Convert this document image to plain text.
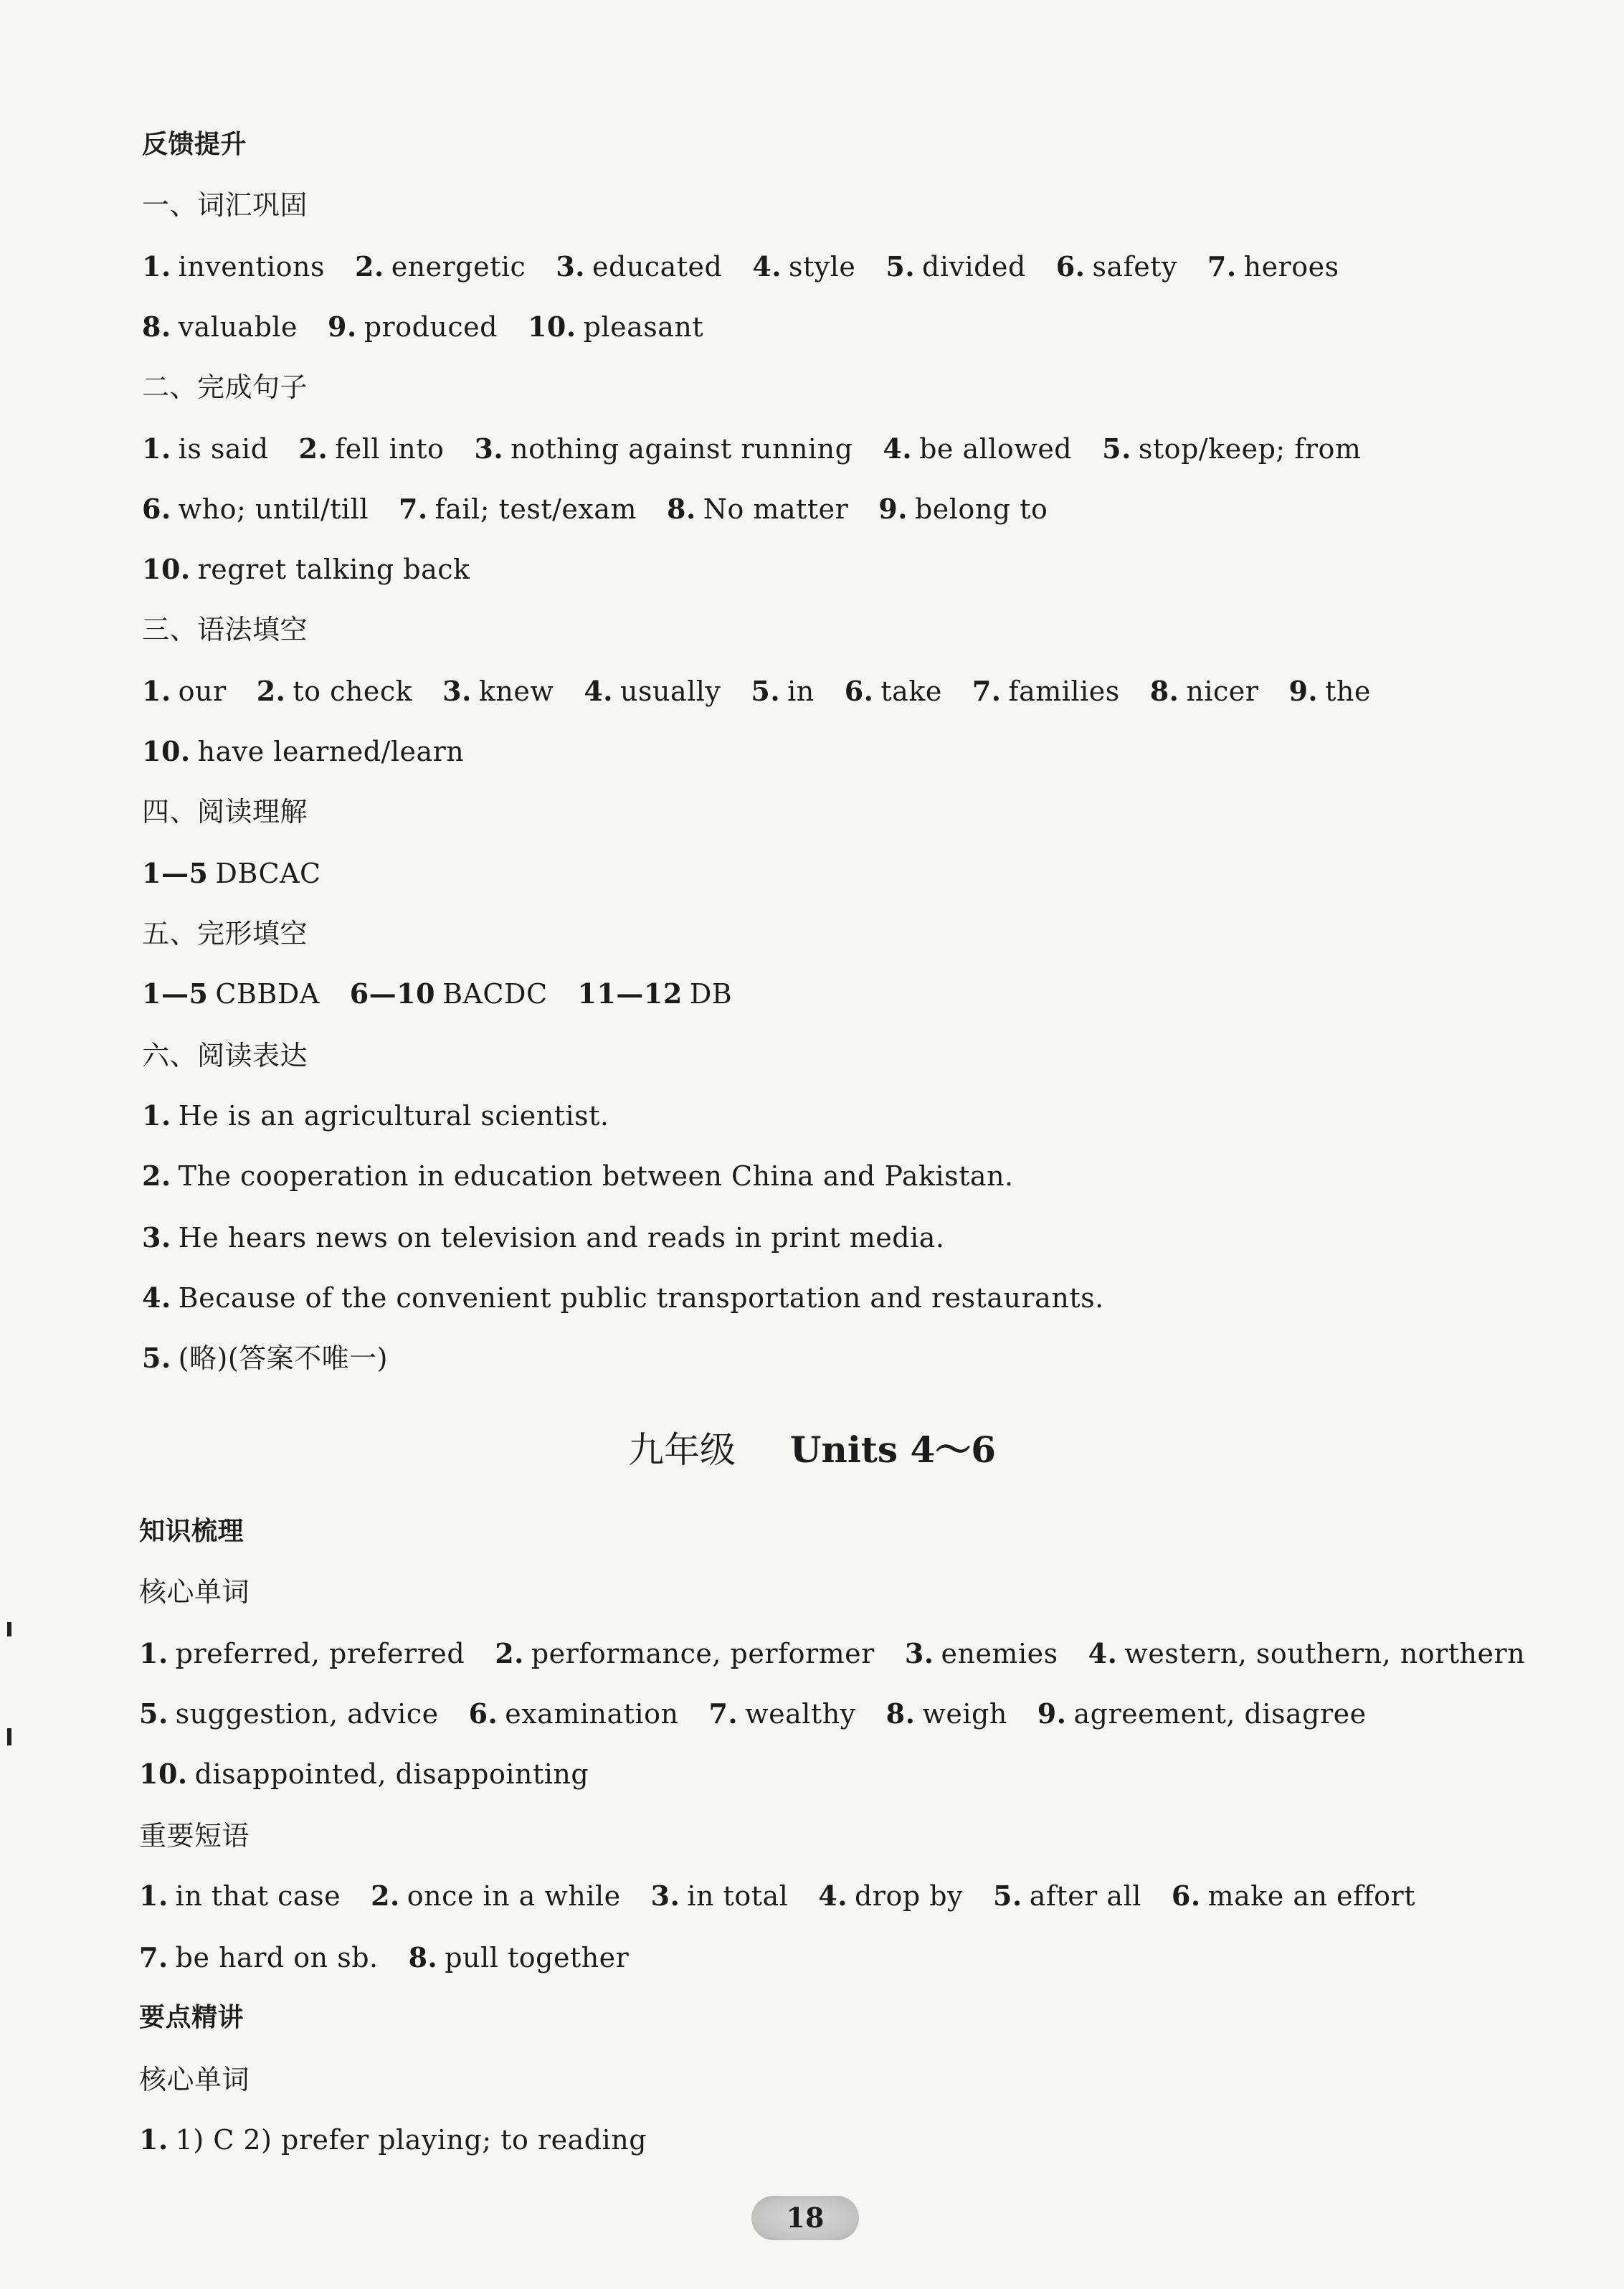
反馈提升
一、词汇巩固
1. inventions 2. energetic 3. educated 4. style 5. divided 6. safety 7. heroes
8. valuable 9. produced 10. pleasant
二、完成句子
1. is said 2. fell into 3. nothing against running 4. be allowed 5. stop/keep; from
6. who; until/till 7. fail; test/exam 8. No matter 9. belong to
10. regret talking back
三、语法填空
1. our 2. to check 3. knew 4. usually 5. in 6. take 7. families 8. nicer 9. the
10. have learned/learn
四、阅读理解
1—5 DBCAC
五、完形填空
1—5 CBBDA 6—10 BACDC 11—12 DB
六、阅读表达
1. He is an agricultural scientist.
2. The cooperation in education between China and Pakistan.
3. He hears news on television and reads in print media.
4. Because of the convenient public transportation and restaurants.
5. (略)(答案不唯一)
九年级 Units 4～6
知识梳理
核心单词
1. preferred, preferred 2. performance, performer 3. enemies 4. western, southern, northern
5. suggestion, advice 6. examination 7. wealthy 8. weigh 9. agreement, disagree
10. disappointed, disappointing
重要短语
1. in that case 2. once in a while 3. in total 4. drop by 5. after all 6. make an effort
7. be hard on sb. 8. pull together
要点精讲
核心单词
1. 1) C 2) prefer playing; to reading
18
